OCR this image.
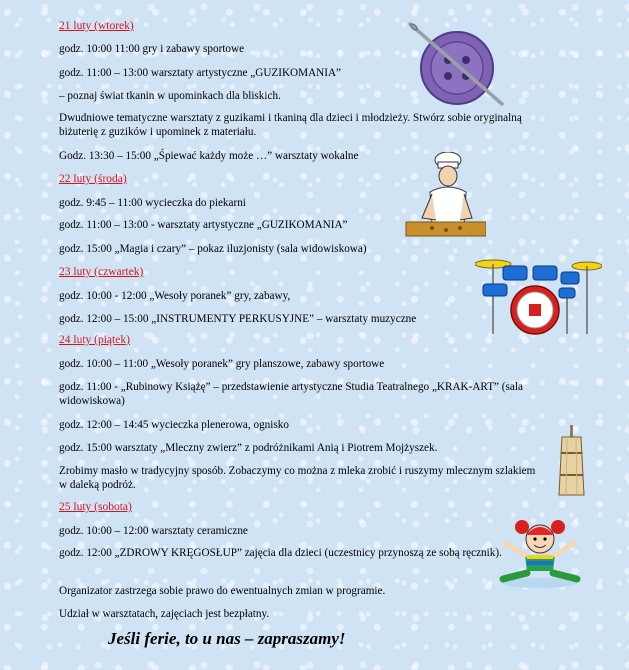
21 luty (wtorek)
godz. 10:00 11:00 gry i zabawy sportowe
godz. 11:00 – 13:00 warsztaty artystyczne „GUZIKOMANIA”
– poznaj świat tkanin w upominkach dla bliskich.
Dwudniowe tematyczne warsztaty z guzikami i tkaniną dla dzieci i młodzieży. Stwórz sobie oryginalną biżuterię z guzików i upominek z materiału.
Godz. 13:30 – 15:00 „Śpiewać każdy może …” warsztaty wokalne
22 luty (środa)
godz. 9:45 – 11:00 wycieczka do piekarni
godz. 11:00 – 13:00 - warsztaty artystyczne „GUZIKOMANIA”
godz. 15:00 „Magia i czary” – pokaz iluzjonisty (sala widowiskowa)
23 luty (czwartek)
godz. 10:00 - 12:00 „Wesoły poranek” gry, zabawy,
godz. 12:00 – 15:00 „INSTRUMENTY PERKUSYJNE” – warsztaty muzyczne
24 luty (piątek)
godz. 10:00 – 11:00 „Wesoły poranek” gry planszowe, zabawy sportowe
godz. 11:00 - „Rubinowy Książę” – przedstawienie artystyczne Studia Teatralnego „KRAK-ART” (sala widowiskowa)
godz. 12:00 – 14:45 wycieczka plenerowa, ognisko
godz. 15:00 warsztaty „Mleczny zwierz” z podróżnikami Anią i Piotrem Mojżyszek.
Zrobimy masło w tradycyjny sposób. Zobaczymy co można z mleka zrobić i ruszymy mlecznym szlakiem w daleką podróż.
25 luty (sobota)
godz. 10:00 – 12:00 warsztaty ceramiczne
godz. 12:00 „ZDROWY KRĘGOSŁUP” zajęcia dla dzieci (uczestnicy przynoszą ze sobą ręcznik).
Organizator zastrzega sobie prawo do ewentualnych zmian w programie.
Udział w warsztatach, zajęciach jest bezpłatny.
Jeśli ferie, to u nas – zapraszamy!
